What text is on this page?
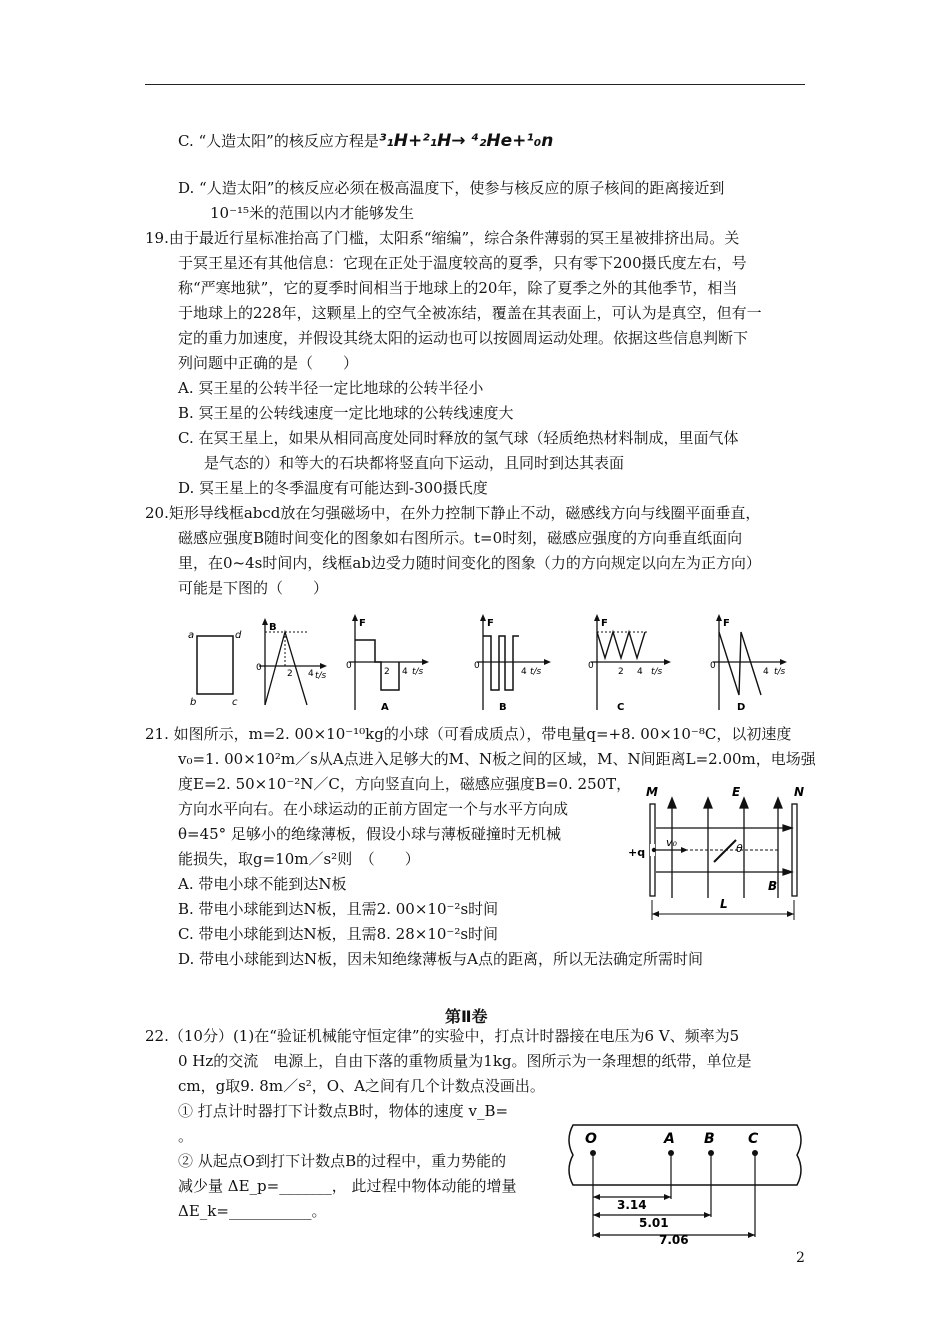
C. “人造太阳”的核反应方程是³₁H+²₁H→ ⁴₂He+¹₀n
D. “人造太阳”的核反应必须在极高温度下，使参与核反应的原子核间的距离接近到
10⁻¹⁵米的范围以内才能够发生
19.由于最近行星标准抬高了门槛，太阳系“缩编”，综合条件薄弱的冥王星被排挤出局。关
于冥王星还有其他信息：它现在正处于温度较高的夏季，只有零下200摄氏度左右，号
称“严寒地狱”，它的夏季时间相当于地球上的20年，除了夏季之外的其他季节，相当
于地球上的228年，这颗星上的空气全被冻结，覆盖在其表面上，可认为是真空，但有一
定的重力加速度，并假设其绕太阳的运动也可以按圆周运动处理。依据这些信息判断下
列问题中正确的是（　　）
A. 冥王星的公转半径一定比地球的公转半径小
B. 冥王星的公转线速度一定比地球的公转线速度大
C. 在冥王星上，如果从相同高度处同时释放的氢气球（轻质绝热材料制成，里面气体
是气态的）和等大的石块都将竖直向下运动，且同时到达其表面
D. 冥王星上的冬季温度有可能达到-300摄氏度
20.矩形导线框abcd放在匀强磁场中，在外力控制下静止不动，磁感线方向与线圈平面垂直，
磁感应强度B随时间变化的图象如右图所示。t=0时刻，磁感应强度的方向垂直纸面向
里，在0~4s时间内，线框ab边受力随时间变化的图象（力的方向规定以向左为正方向）
可能是下图的（　　）
a	d
b	c
B
0
2 4 t/s
F
0
2 4 t/s
A
F
0
4 t/s
B
F
0
2 4 t/s
C
F
0
4 t/s
D
21. 如图所示，m=2. 00×10⁻¹⁰kg的小球（可看成质点），带电量q=+8. 00×10⁻⁸C，以初速度
v₀=1. 00×10²m／s从A点进入足够大的M、N板之间的区域，M、N间距离L=2.00m，电场强
度E=2. 50×10⁻²N／C，方向竖直向上，磁感应强度B=0. 250T，
方向水平向右。在小球运动的正前方固定一个与水平方向成
θ=45° 足够小的绝缘薄板，假设小球与薄板碰撞时无机械
能损失，取g=10m／s²则　（　　）
A. 带电小球不能到达N板
B. 带电小球能到达N板，且需2. 00×10⁻²s时间
C. 带电小球能到达N板，且需8. 28×10⁻²s时间
D. 带电小球能到达N板，因未知绝缘薄板与A点的距离，所以无法确定所需时间
M	N
E
B
+q
v₀	θ
L
第Ⅱ卷
22.（10分）(1)在“验证机械能守恒定律”的实验中，打点计时器接在电压为6 V、频率为5
0 Hz的交流　电源上，自由下落的重物质量为1kg。图所示为一条理想的纸带，单位是
cm，g取9. 8m／s²，O、A之间有几个计数点没画出。
① 打点计时器打下计数点B时，物体的速度 v_B=
。
② 从起点O到打下计数点B的过程中，重力势能的
减少量 ΔE_p=_______， 此过程中物体动能的增量
ΔE_k=___________。
O	A B C
3.14
5.01
7.06
2
